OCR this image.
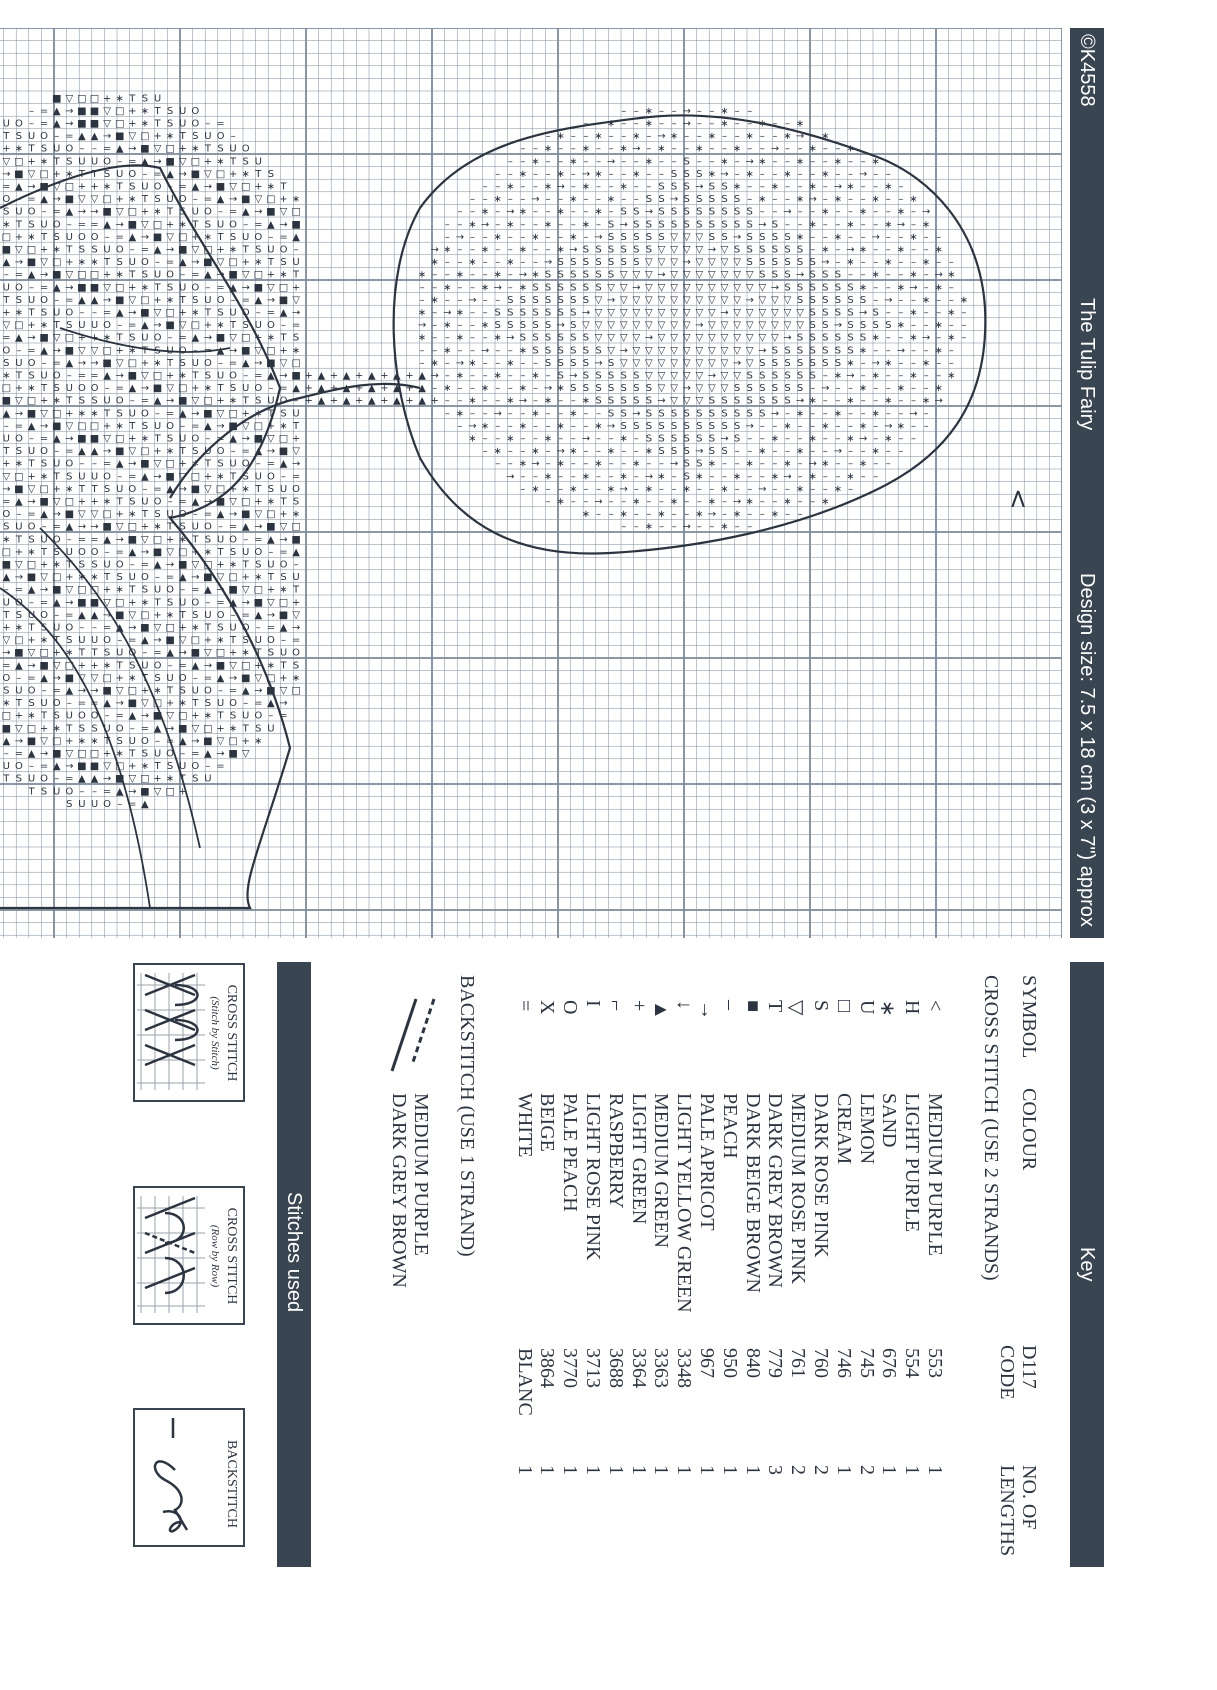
©K4558
The Tulip Fairy
Design size: 7.5 x 18 cm (3 x 7") approx
U
T
+
▽
→
=
O
S
∗
□
■
▲
–
U
T
+
▽
=
O
S
∗
□
■
▲
–
U
T
+
▽
→
=
O
S
∗
□
■
▲
–
U
T
+
▽
→
=
O
S
∗
□
■
▲
–
U
T
O
S
∗
□
■
▲
–
U
T
+
▽
→
=
O
S
∗
□
▲
–
U
T
+
▽
→
=
O
S
∗
□
■
▲
–
U
T
+
▽
→
=
O
S
∗
□
■
▲
–
U
T
+
▽
→
=
O
S
–
–
U
T
+
▽
→
=
O
S
∗
□
■
▲
–
U
T
+
→
=
O
S
∗
□
■
▲
–
U
T
+
▽
→
=
O
S
∗
□
■
▲
–
U
T
+
▽
→
=
O
S
∗
□
■
▲
–
U
T
=
=
O
S
∗
□
■
▲
–
U
T
+
▽
→
=
O
S
∗
■
▲
–
U
T
+
▽
→
=
O
S
∗
□
■
▲
–
U
T
+
▽
→
=
O
S
∗
□
■
▲
–
U
T
+
▽
→
=
O
S
■
▲
▲
–
U
T
+
▽
→
=
O
S
∗
□
■
▲
–
U
T
▽
→
=
O
S
∗
□
■
▲
–
U
T
+
▽
→
=
O
S
∗
□
■
▲
–
U
T
+
▽
→
=
O
S
∗
□
■
▲
–
U
▽
→
→
=
O
S
∗
□
■
▲
–
U
T
+
▽
→
=
O
S
□
■
▲
–
U
T
+
▽
→
=
O
S
∗
□
■
▲
–
U
T
+
▽
→
=
O
S
∗
□
■
▲
–
U
T
+
▽
→
=
O
S
□
■
■
▲
–
U
T
+
▽
→
=
O
S
∗
□
■
▲
–
U
+
▽
→
=
O
S
∗
□
■
▲
–
U
T
+
▽
→
=
O
S
∗
□
■
▲
–
U
T
+
▽
→
=
O
S
∗
□
■
▲
–
U
□
■
■
▲
–
U
T
+
▽
→
=
O
S
∗
□
■
▲
–
U
+
▽
→
=
O
S
∗
□
■
▲
–
U
T
+
▽
→
=
O
S
∗
□
■
▲
–
U
T
+
▽
→
=
O
S
∗
□
■
▲
–
U
+
▽
▽
→
=
O
S
∗
□
■
▲
–
U
T
+
▽
→
=
O
∗
□
■
▲
–
U
T
+
▽
→
=
O
S
∗
□
■
▲
–
U
T
+
▽
→
=
O
S
∗
□
■
▲
–
U
T
+
▽
→
=
O
∗
□
□
■
▲
–
U
T
+
▽
→
=
O
S
∗
□
■
▲
–
T
+
▽
→
=
O
S
∗
□
■
▲
–
U
T
+
▽
→
=
O
S
∗
□
■
▲
–
U
T
+
▽
→
=
O
S
∗
□
■
▲
–
T
+
+
▽
→
=
O
S
∗
□
■
▲
–
U
T
+
▽
→
=
S
∗
□
■
▲
–
U
T
+
▽
→
=
O
S
∗
□
■
▲
–
U
T
+
▽
→
=
O
S
∗
□
■
▲
–
U
T
+
▽
→
=
S
∗
∗
□
■
▲
–
U
T
+
▽
→
=
O
S
∗
□
■
▲
U
T
+
▽
→
=
O
S
∗
□
■
▲
–
U
T
+
▽
→
=
O
S
∗
□
■
▲
–
U
T
+
▽
→
=
O
S
∗
□
■
▲
U
T
T
+
▽
→
=
O
S
∗
□
■
▲
–
U
T
+
▽
→
O
S
∗
□
■
▲
–
U
T
+
▽
→
=
O
S
∗
□
■
▲
–
U
T
+
▽
→
=
O
S
∗
□
■
▲
–
U
T
+
▽
S
S
∗
□
■
▲
–
U
T
+
▽
→
=
O
S
∗
□
■
–
U
T
+
▽
→
=
O
S
∗
□
■
▲
–
U
T
+
▽
→
=
O
S
∗
□
■
▲
–
U
T
+
▽
→
=
O
S
∗
□
U
U
T
+
▽
→
=
O
S
∗
□
■
▲
–
U
T
+
▽
=
O
S
∗
□
■
▲
–
U
T
+
▽
→
=
O
S
∗
□
■
▲
–
U
T
+
▽
→
=
O
S
∗
□
■
▲
–
U
T
+
O
O
S
∗
□
■
▲
–
U
T
+
▽
→
=
O
S
∗
□
▲
–
U
T
+
▽
→
=
O
S
∗
□
■
▲
–
U
T
+
▽
→
=
O
S
∗
□
■
▲
–
U
T
+
▽
→
=
O
S
–
U
T
+
▽
→
=
O
S
∗
□
■
▲
–
U
T
+
→
=
O
S
∗
□
■
▲
–
U
T
+
▽
→
=
O
S
∗
□
■
▲
–
U
T
+
▽
→
=
O
S
∗
□
■
▲
–
U
=
O
S
∗
□
■
▲
–
U
T
+
▽
→
=
O
S
∗
■
▲
–
U
T
+
▽
→
=
O
S
∗
□
■
▲
–
U
T
+
▽
→
=
O
S
∗
□
■
▲
–
U
T
+
▽
→
=
–
U
T
+
▽
→
=
O
S
∗
□
■
▲
–
U
T
▽
→
=
O
S
∗
□
■
▲
–
U
T
+
▽
→
=
O
S
∗
□
■
▲
–
U
T
+
▽
→
=
O
S
∗
□
■
O
S
∗
□
■
▲
–
U
T
+
▽
→
=
O
S
□
■
▲
–
U
T
+
▽
→
=
O
S
∗
□
■
▲
–
U
T
+
▽
→
=
O
S
∗
□
■
▲
–
U
T
+
▽
U
T
+
▽
→
=
O
S
∗
□
■
▲
–
U
+
▽
→
=
O
S
∗
□
■
▲
–
U
T
+
▽
→
=
O
S
∗
□
■
▲
–
U
T
+
▽
→
=
O
S
∗
S
∗
□
■
▲
–
U
T
+
▽
→
=
O
∗
□
■
▲
–
U
T
+
▽
→
=
O
S
∗
□
■
▲
–
U
T
+
▽
→
=
O
S
∗
□
■
▲
–
U
T
+
▽
→
=
O
S
∗
□
■
▲
–
T
+
▽
→
=
O
S
∗
□
■
▲
–
U
T
+
▽
→
=
O
S
∗
□
■
▲
–
U
T
+
▽
→
=
∗
□
■
▲
–
U
T
+
▽
→
=
S
∗
□
■
▲
–
U
T
+
▽
→
=
O
S
∗
□
■
▲
–
U
T
+
▽
→
=
O
S
∗
□
+
+
+
▲
▲
▲
+
+
+
▲
▲
▲
+
+
+
▲
▲
▲
+
+
+
▲
▲
▲
+
+
+
∗
–
–
∗
→
∗
–
–
▲
▲
▲
→
∗
–
–
∗
–
–
–
–
∗
→
–
+
–
–
∗
–
–
∗
–
→
∗
–
∗
–
–
∗
–
–
–
–
→
–
–
∗
–
–
∗
–
∗
–
→
∗
–
–
∗
–
–
–
∗
–
–
∗
–
–
→
–
–
–
–
∗
–
–
∗
–
→
∗
–
–
∗
→
–
∗
–
–
∗
–
–
∗
–
→
–
–
∗
–
–
∗
–
–
–
–
∗
–
–
∗
–
–
∗
→
–
S
S
∗
–
–
∗
–
–
→
–
–
∗
–
–
–
∗
–
→
∗
–
–
∗
–
–
S
S
S
→
–
∗
–
–
∗
–
–
∗
–
–
→
–
–
∗
–
–
∗
–
–
∗
–
→
∗
S
S
S
S
∗
–
–
∗
→
–
∗
–
–
∗
–
–
–
∗
–
–
→
–
–
∗
–
–
∗
S
S
S
S
S
S
–
∗
–
–
∗
–
–
∗
→
–
∗
–
∗
–
–
∗
–
–
∗
–
–
→
S
S
S
S
S
S
S
S
–
→
∗
–
–
∗
–
–
∗
–
–
∗
–
–
∗
→
–
∗
–
–
∗
S
S
S
S
S
→
S
S
S
S
∗
–
–
∗
–
→
∗
–
–
∗
–
–
∗
–
–
∗
–
–
∗
→
S
S
S
S
S
S
S
S
S
→
S
–
∗
–
–
∗
–
–
∗
–
–
–
∗
–
→
∗
–
–
∗
–
S
S
S
S
S
→
▽
S
S
S
S
S
∗
–
–
→
–
–
∗
–
–
∗
–
∗
–
–
∗
–
–
∗
–
→
S
S
S
S
▽
▽
▽
▽
S
→
S
S
S
–
∗
–
–
∗
–
–
→
–
∗
–
–
→
–
–
∗
–
S
S
S
S
S
▽
→
▽
▽
▽
▽
S
S
S
S
S
→
–
∗
–
–
∗
–
–
–
–
–
∗
–
–
∗
–
S
→
S
S
S
▽
▽
▽
▽
▽
▽
→
▽
S
S
S
S
S
∗
–
–
∗
→
–
∗
–
–
–
∗
→
–
∗
–
–
S
S
S
S
S
▽
→
▽
▽
▽
▽
▽
▽
S
S
S
→
S
–
–
∗
–
–
∗
–
–
∗
∗
–
–
∗
–
–
S
→
S
S
S
▽
▽
▽
▽
▽
▽
→
▽
▽
▽
S
S
S
S
S
∗
–
→
∗
–
–
∗
–
–
→
∗
–
–
S
S
S
S
S
▽
▽
→
▽
▽
▽
▽
▽
▽
▽
▽
▽
→
S
S
S
S
–
∗
–
–
∗
–
–
–
∗
–
–
S
S
→
S
S
▽
▽
▽
▽
▽
▽
▽
▽
▽
▽
▽
▽
▽
▽
S
S
S
S
→
–
–
∗
–
–
→
→
–
–
S
S
S
S
S
S
▽
▽
→
▽
▽
▽
▽
▽
▽
▽
▽
▽
→
▽
S
S
S
S
S
S
∗
–
–
→
–
–
–
∗
–
S
→
S
S
S
▽
▽
▽
▽
▽
▽
▽
→
▽
▽
▽
▽
▽
▽
S
S
S
→
S
∗
–
–
∗
–
–
–
∗
–
–
∗
S
S
S
S
S
→
▽
▽
▽
▽
▽
▽
▽
▽
▽
→
▽
S
S
S
S
S
∗
–
–
∗
→
–
∗
∗
–
–
∗
→
S
S
S
S
S
▽
▽
▽
▽
▽
→
▽
▽
▽
▽
▽
▽
S
S
S
→
S
–
–
∗
–
–
∗
–
–
–
∗
–
–
∗
S
S
S
→
S
▽
▽
▽
▽
▽
▽
▽
▽
→
▽
S
S
S
S
S
–
–
∗
–
→
∗
–
–
–
∗
–
→
∗
–
–
S
S
S
S
S
▽
▽
→
▽
▽
▽
▽
▽
S
S
S
S
→
–
–
∗
–
–
∗
–
–
∗
–
–
∗
–
–
∗
–
→
S
S
S
S
▽
▽
▽
▽
▽
→
S
S
S
S
S
–
–
∗
–
–
→
–
–
–
–
→
–
–
∗
–
–
S
S
S
S
S
→
▽
▽
▽
▽
S
S
S
S
S
→
–
∗
–
–
∗
–
–
∗
–
∗
–
–
∗
–
–
→
–
S
S
S
S
S
▽
▽
▽
→
S
S
S
S
S
–
∗
–
–
∗
→
–
∗
–
∗
→
–
∗
–
–
∗
–
–
∗
S
S
→
S
S
▽
▽
S
S
S
S
S
→
∗
–
–
∗
–
–
∗
–
–
–
∗
–
–
∗
→
–
∗
–
–
S
S
S
S
S
S
S
S
S
S
–
∗
–
–
∗
–
→
∗
–
–
∗
–
–
∗
–
–
∗
–
–
∗
→
S
S
S
S
S
S
S
S
–
→
–
–
∗
–
–
∗
–
–
∗
–
∗
–
→
∗
–
–
∗
–
–
S
S
S
S
→
S
S
S
∗
–
–
∗
–
–
→
–
–
∗
∗
–
–
∗
–
–
∗
–
→
∗
–
S
S
S
S
S
S
∗
→
–
∗
–
–
∗
–
–
∗
–
–
→
–
–
∗
–
–
∗
–
–
∗
S
→
S
S
∗
–
–
∗
–
–
∗
→
–
∗
–
∗
–
–
∗
–
–
→
–
–
∗
–
–
S
S
∗
–
→
∗
–
–
∗
–
–
∗
–
–
–
∗
–
–
∗
–
–
∗
–
–
→
–
S
–
–
∗
–
–
∗
–
→
∗
–
–
–
–
∗
→
–
∗
–
–
∗
–
–
∗
–
→
–
–
∗
–
–
∗
–
–
∗
–
–
∗
–
–
∗
→
–
∗
–
∗
–
–
∗
–
–
→
–
–
→
∗
–
–
∗
–
–
∗
–
–
→
–
∗
–
–
∗
–
–
–
∗
–
→
∗
–
–
∗
–
∗
–
–
∗
→
–
∗
–
–
∗
–
∗
–
–
∗
∗
–
–
–
<
Key
SYMBOL
COLOUR
D117
CODE
NO. OF
LENGTHS
CROSS STITCH (USE 2 STRANDS)
<
MEDIUM PURPLE
553
1
H
LIGHT PURPLE
554
1
∗
SAND
676
1
U
LEMON
745
2
□
CREAM
746
1
S
DARK ROSE PINK
760
2
▽
MEDIUM ROSE PINK
761
2
T
DARK GREY BROWN
779
3
■
DARK BEIGE BROWN
840
1
–
PEACH
950
1
→
PALE APRICOT
967
1
↓
LIGHT YELLOW GREEN
3348
1
▲
MEDIUM GREEN
3363
1
+
LIGHT GREEN
3364
1
⌐
RASPBERRY
3688
1
I
LIGHT ROSE PINK
3713
1
O
PALE PEACH
3770
1
X
BEIGE
3864
1
=
WHITE
BLANC
1
BACKSTITCH (USE 1 STRAND)
MEDIUM PURPLE
DARK GREY BROWN
Stitches used
CROSS STITCH
(Stitch by Stitch)
CROSS STITCH
(Row by Row)
BACKSTITCH
